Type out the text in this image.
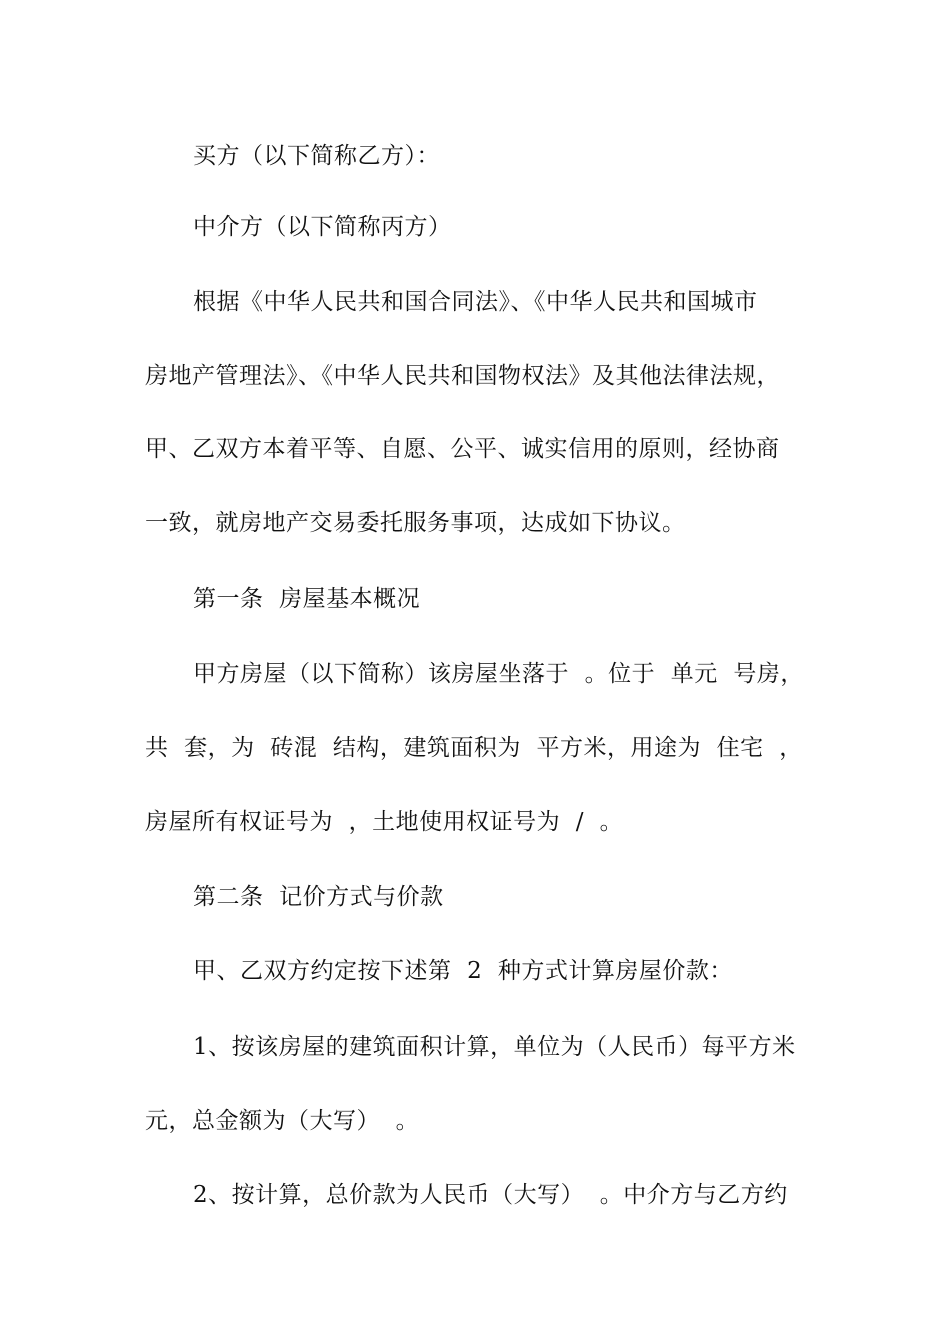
买方（以下简称乙方）：
中介方（以下简称丙方）
根据《中华人民共和国合同法》、《中华人民共和国城市
房地产管理法》、《中华人民共和国物权法》及其他法律法规，
甲、乙双方本着平等、自愿、公平、诚实信用的原则，经协商
一致，就房地产交易委托服务事项，达成如下协议。
第一条  房屋基本概况
甲方房屋（以下简称）该房屋坐落于  。位于  单元  号房，
共  套，为  砖混  结构，建筑面积为  平方米，用途为  住宅  ，
房屋所有权证号为  ，土地使用权证号为  /  。
第二条  记价方式与价款
甲、乙双方约定按下述第  2  种方式计算房屋价款：
1、按该房屋的建筑面积计算，单位为（人民币）每平方米
元，总金额为（大写）  。
2、按计算，总价款为人民币（大写）  。中介方与乙方约
